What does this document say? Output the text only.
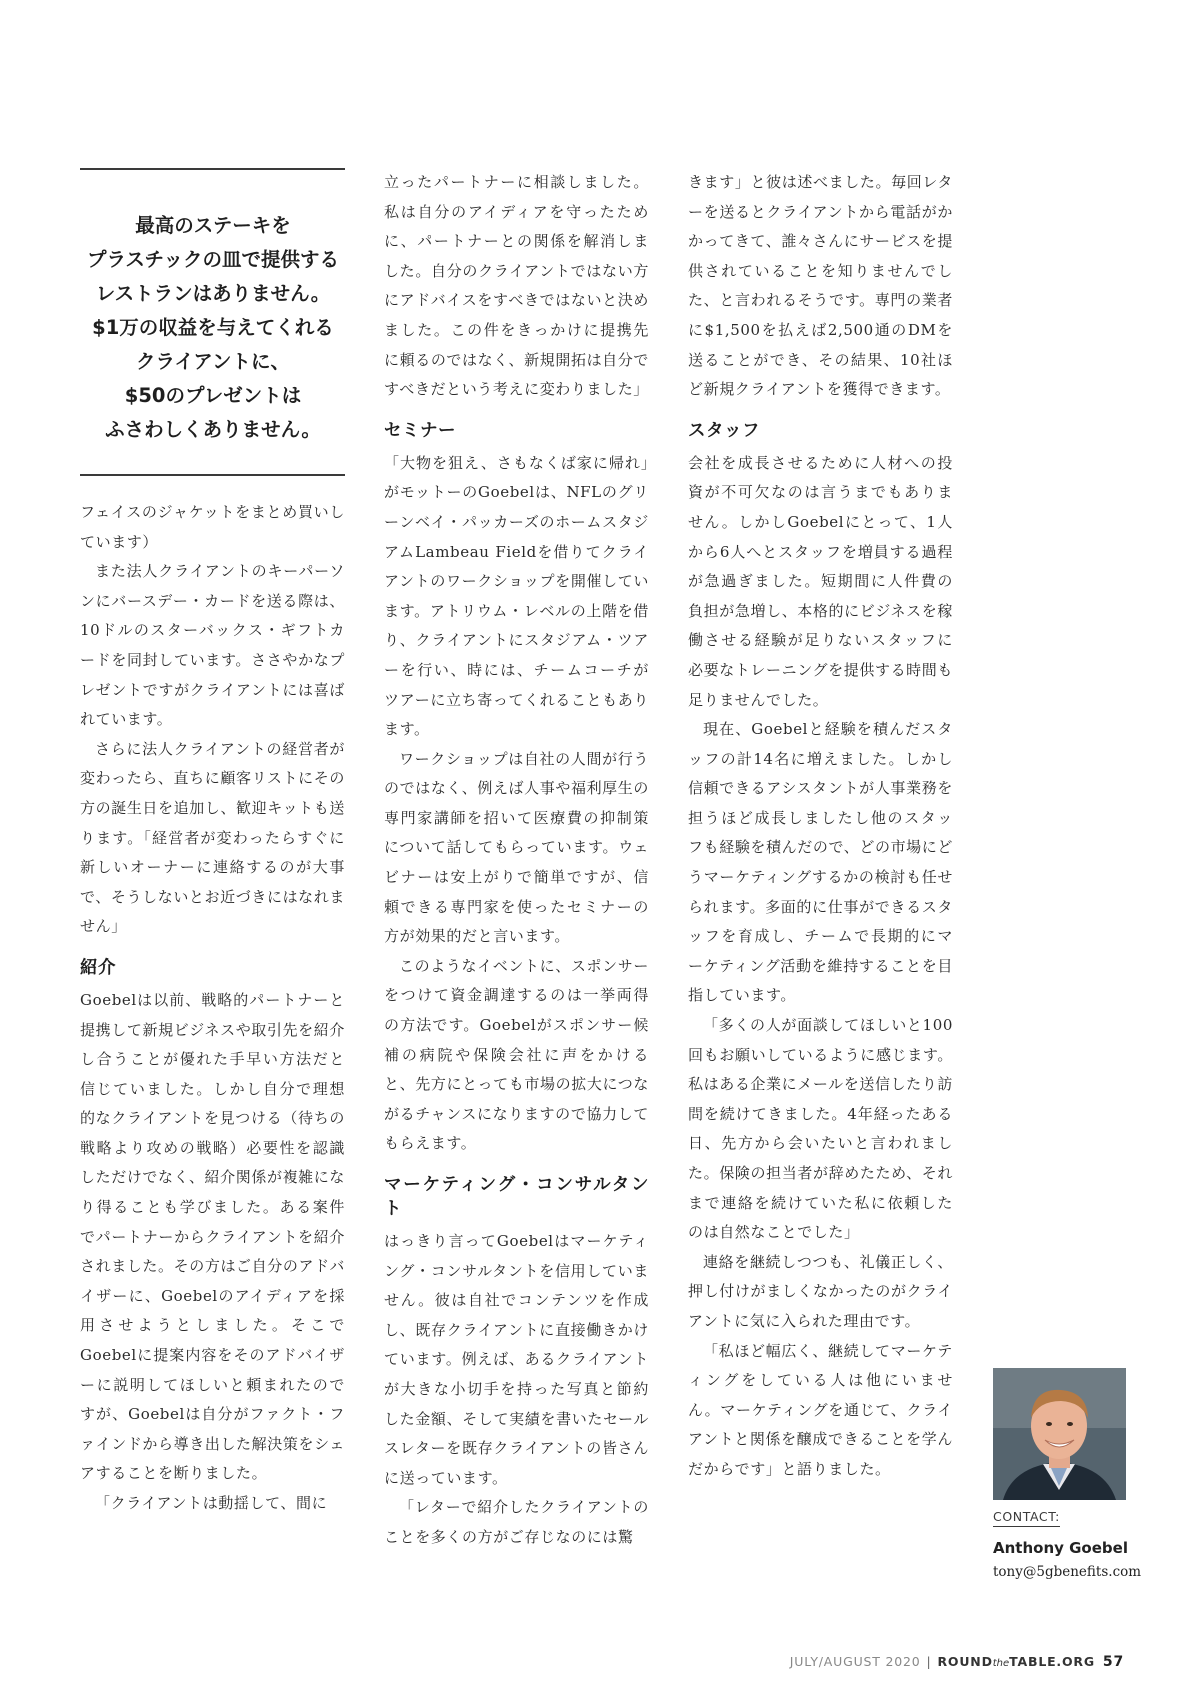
最高のステーキを
プラスチックの皿で提供する
レストランはありません。
$1万の収益を与えてくれる
クライアントに、
$50のプレゼントは
ふさわしくありません。

フェイスのジャケットをまとめ買いしています）

また法人クライアントのキーパーソンにバースデー・カードを送る際は、10ドルのスターバックス・ギフトカードを同封しています。ささやかなプレゼントですがクライアントには喜ばれています。

さらに法人クライアントの経営者が変わったら、直ちに顧客リストにその方の誕生日を追加し、歓迎キットも送ります。「経営者が変わったらすぐに新しいオーナーに連絡するのが大事で、そうしないとお近づきにはなれません」

紹介

Goebelは以前、戦略的パートナーと提携して新規ビジネスや取引先を紹介し合うことが優れた手早い方法だと信じていました。しかし自分で理想的なクライアントを見つける（待ちの戦略より攻めの戦略）必要性を認識しただけでなく、紹介関係が複雑になり得ることも学びました。ある案件でパートナーからクライアントを紹介されました。その方はご自分のアドバイザーに、Goebelのアイディアを採用させようとしました。そこでGoebelに提案内容をそのアドバイザーに説明してほしいと頼まれたのですが、Goebelは自分がファクト・ファインドから導き出した解決策をシェアすることを断りました。

「クライアントは動揺して、間に

立ったパートナーに相談しました。私は自分のアイディアを守ったために、パートナーとの関係を解消しました。自分のクライアントではない方にアドバイスをすべきではないと決めました。この件をきっかけに提携先に頼るのではなく、新規開拓は自分ですべきだという考えに変わりました」

セミナー

「大物を狙え、さもなくば家に帰れ」がモットーのGoebelは、NFLのグリーンベイ・パッカーズのホームスタジアムLambeau Fieldを借りてクライアントのワークショップを開催しています。アトリウム・レベルの上階を借り、クライアントにスタジアム・ツアーを行い、時には、チームコーチがツアーに立ち寄ってくれることもあります。

ワークショップは自社の人間が行うのではなく、例えば人事や福利厚生の専門家講師を招いて医療費の抑制策について話してもらっています。ウェビナーは安上がりで簡単ですが、信頼できる専門家を使ったセミナーの方が効果的だと言います。

このようなイベントに、スポンサーをつけて資金調達するのは一挙両得の方法です。Goebelがスポンサー候補の病院や保険会社に声をかけると、先方にとっても市場の拡大につながるチャンスになりますので協力してもらえます。

マーケティング・コンサルタント

はっきり言ってGoebelはマーケティング・コンサルタントを信用していません。彼は自社でコンテンツを作成し、既存クライアントに直接働きかけています。例えば、あるクライアントが大きな小切手を持った写真と節約した金額、そして実績を書いたセールスレターを既存クライアントの皆さんに送っています。

「レターで紹介したクライアントのことを多くの方がご存じなのには驚

きます」と彼は述べました。毎回レターを送るとクライアントから電話がかかってきて、誰々さんにサービスを提供されていることを知りませんでした、と言われるそうです。専門の業者に$1,500を払えば2,500通のDMを送ることができ、その結果、10社ほど新規クライアントを獲得できます。

スタッフ

会社を成長させるために人材への投資が不可欠なのは言うまでもありません。しかしGoebelにとって、1人から6人へとスタッフを増員する過程が急過ぎました。短期間に人件費の負担が急増し、本格的にビジネスを稼働させる経験が足りないスタッフに必要なトレーニングを提供する時間も足りませんでした。

現在、Goebelと経験を積んだスタッフの計14名に増えました。しかし信頼できるアシスタントが人事業務を担うほど成長しましたし他のスタッフも経験を積んだので、どの市場にどうマーケティングするかの検討も任せられます。多面的に仕事ができるスタッフを育成し、チームで長期的にマーケティング活動を維持することを目指しています。

「多くの人が面談してほしいと100回もお願いしているように感じます。私はある企業にメールを送信したり訪問を続けてきました。4年経ったある日、先方から会いたいと言われました。保険の担当者が辞めたため、それまで連絡を続けていた私に依頼したのは自然なことでした」

連絡を継続しつつも、礼儀正しく、押し付けがましくなかったのがクライアントに気に入られた理由です。

「私ほど幅広く、継続してマーケティングをしている人は他にいません。マーケティングを通じて、クライアントと関係を醸成できることを学んだからです」と語りました。

CONTACT:
Anthony Goebel
tony@5gbenefits.com
JULY/AUGUST 2020 | ROUNDtheTABLE.ORG 57
